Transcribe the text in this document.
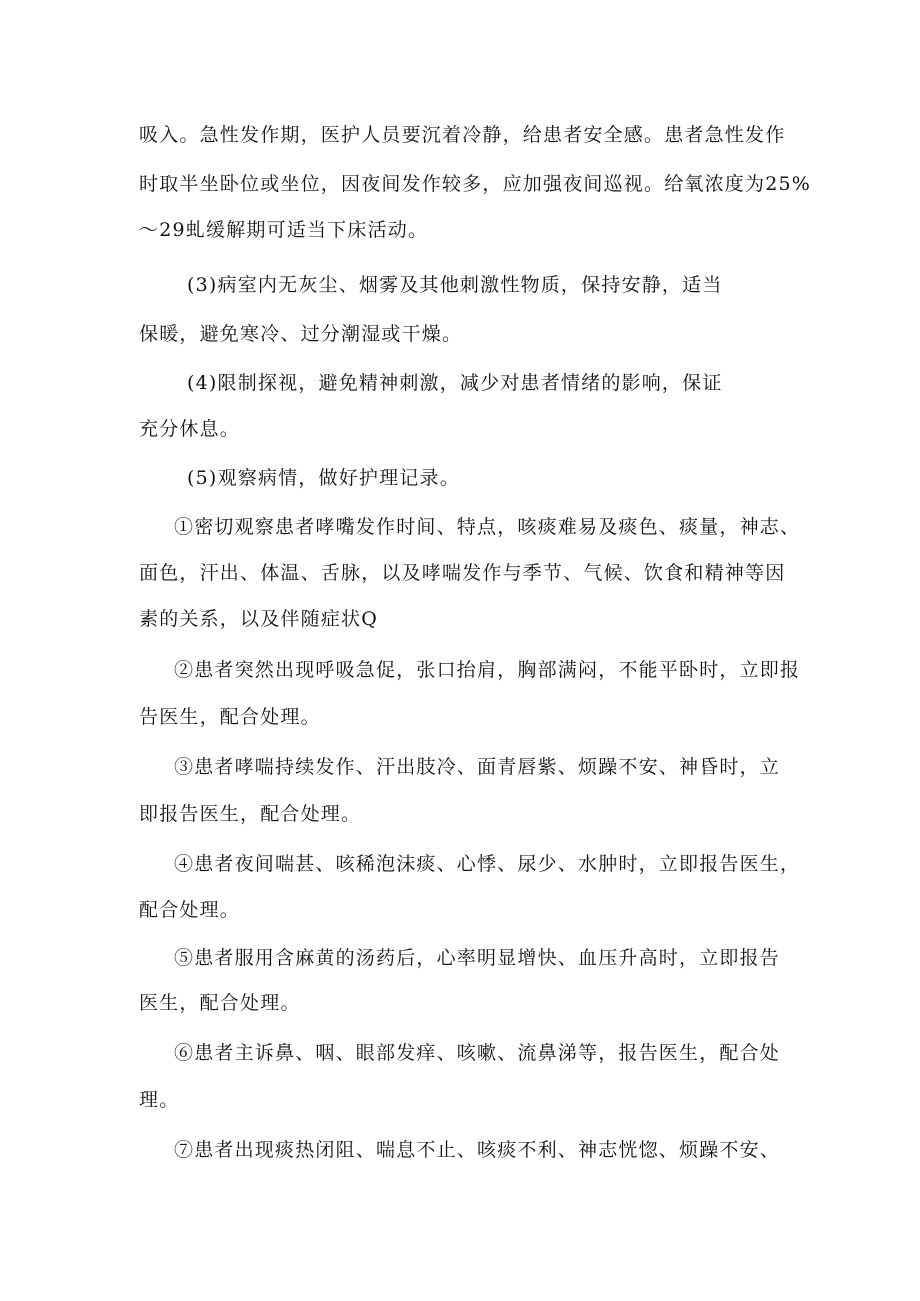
吸入。急性发作期，医护人员要沉着冷静，给患者安全感。患者急性发作
时取半坐卧位或坐位，因夜间发作较多，应加强夜间巡视。给氧浓度为25%
～29虬缓解期可适当下床活动。
(3)病室内无灰尘、烟雾及其他刺激性物质，保持安静，适当
保暖，避免寒冷、过分潮湿或干燥。
(4)限制探视，避免精神刺激，减少对患者情绪的影响，保证
充分休息。
(5)观察病情，做好护理记录。
①密切观察患者哮嘴发作时间、特点，咳痰难易及痰色、痰量，神志、
面色，汗出、体温、舌脉，以及哮喘发作与季节、气候、饮食和精神等因
素的关系，以及伴随症状Q
②患者突然出现呼吸急促，张口抬肩，胸部满闷，不能平卧时，立即报
告医生，配合处理。
③患者哮喘持续发作、汗出肢冷、面青唇紫、烦躁不安、神昏时，立
即报告医生，配合处理。
④患者夜间喘甚、咳稀泡沫痰、心悸、尿少、水肿时，立即报告医生，
配合处理。
⑤患者服用含麻黄的汤药后，心率明显增快、血压升高时，立即报告
医生，配合处理。
⑥患者主诉鼻、咽、眼部发痒、咳嗽、流鼻涕等，报告医生，配合处
理。
⑦患者出现痰热闭阻、喘息不止、咳痰不利、神志恍惚、烦躁不安、
